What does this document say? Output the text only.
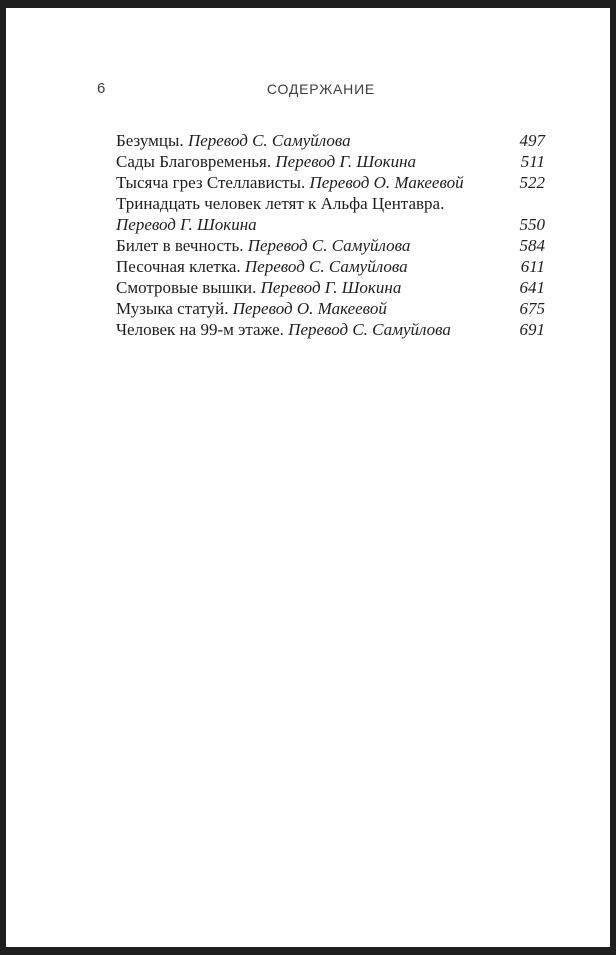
6	СОДЕРЖАНИЕ
Безумцы. Перевод С. Самуйлова	497
Сады Благовременья. Перевод Г. Шокина	511
Тысяча грез Стеллависты. Перевод О. Макеевой	522
Тринадцать человек летят к Альфа Центавра.
Перевод Г. Шокина	550
Билет в вечность. Перевод С. Самуйлова	584
Песочная клетка. Перевод С. Самуйлова	611
Смотровые вышки. Перевод Г. Шокина	641
Музыка статуй. Перевод О. Макеевой	675
Человек на 99-м этаже. Перевод С. Самуйлова	691
